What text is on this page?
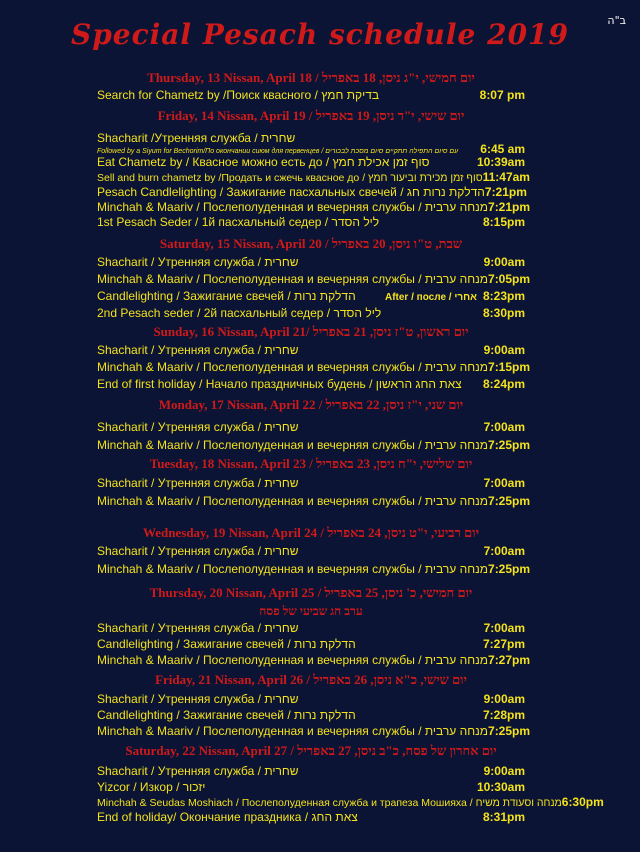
ב"ה
Special Pesach schedule 2019
Thursday, 13 Nissan, April 18 / יום חמישי, י"ג ניסן, 18 באפריל
Search for Chametz by /Поиск квасного / בדיקת חמץ	8:07 pm
Friday, 14 Nissan, April 19 / יום שישי, י"ד ניסן, 19 באפריל
Shacharit /Утренняя служба / שחרית
Followed by a Siyum for Bechorim/По окончании сиюм для первенцев / עם סיום התפילה תתקיים סיום מסכת לבכורים	6:45 am
Eat Chametz by / Квасное можно есть до / סוף זמן אכילת חמץ	10:39am
Sell and burn chametz by /Продать и сжечь квасное до / סוף זמן מכירת וביעור חמץ 11:47am
Pesach Candlelighting / Зажигание пасхальных свечей / הדלקת נרות חג 7:21pm
Minchah & Maariv / Послеполуденная и вечерняя службы / מנחה ערבית 7:21pm
1st Pesach Seder / 1й пасхальный седер / ליל הסדר	8:15pm
Saturday, 15 Nissan, April 20 / שבת, ט"ו ניסן, 20 באפריל
Shacharit / Утренняя служба / שחרית	9:00am
Minchah & Maariv / Послеполуденная и вечерняя службы / מנחה ערבית 7:05pm
Candlelighting / Зажигание свечей / הדלקת נרות	After / после / אחרי 8:23pm
2nd Pesach seder / 2й пасхальный седер / ליל הסדר	8:30pm
Sunday, 16 Nissan, April 21/ יום ראשון, ט"ז ניסן, 21 באפריל
Shacharit / Утренняя служба / שחרית	9:00am
Minchah & Maariv / Послеполуденная и вечерняя службы / מנחה ערבית 7:15pm
End of first holiday / Начало праздничных будень / צאת החג הראשון	8:24pm
Monday, 17 Nissan, April 22 / יום שני, י"ז ניסן, 22 באפריל
Shacharit / Утренняя служба / שחרית	7:00am
Minchah & Maariv / Послеполуденная и вечерняя службы / מנחה ערבית 7:25pm
Tuesday, 18 Nissan, April 23 / יום שלישי, י"ח ניסן, 23 באפריל
Shacharit / Утренняя служба / שחרית	7:00am
Minchah & Maariv / Послеполуденная и вечерняя службы / מנחה ערבית 7:25pm
Wednesday, 19 Nissan, April 24 / יום רביעי, י"ט ניסן, 24 באפריל
Shacharit / Утренняя служба / שחרית	7:00am
Minchah & Maariv / Послеполуденная и вечерняя службы / מנחה ערבית 7:25pm
Thursday, 20 Nissan, April 25 / יום חמישי, כ' ניסן, 25 באפריל
ערב חג שביעי של פסח
Shacharit / Утренняя служба / שחרית	7:00am
Candlelighting / Зажигание свечей / הדלקת נרות	7:27pm
Minchah & Maariv / Послеполуденная и вечерняя службы / מנחה ערבית 7:27pm
Friday, 21 Nissan, April 26 / יום שישי, כ"א ניסן, 26 באפריל
Shacharit / Утренняя служба / שחרית	9:00am
Candlelighting / Зажигание свечей / הדלקת נרות	7:28pm
Minchah & Maariv / Послеполуденная и вечерняя службы / מנחה ערבית 7:25pm
Saturday, 22 Nissan, April 27 / יום אחרון של פסח, כ"ב ניסן, 27 באפריל
Shacharit / Утренняя служба / שחרית	9:00am
Yizcor / Изкор / יזכור	10:30am
Minchah & Seudas Moshiach / Послеполуденная служба и трапеза Мошияха / מנחה וסעודת משיח 6:30pm
End of holiday/ Окончание праздника / צאת החג	8:31pm
